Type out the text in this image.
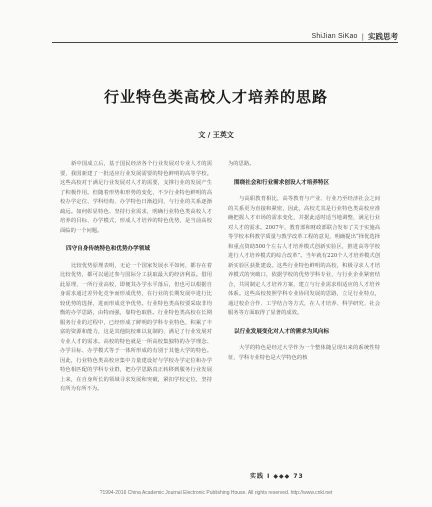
ShiJian SiKao | 实践思考
行业特色类高校人才培养的思路
文 / 王英文

新中国成立后，基于国民经济各个行业发展对专业人才的需要，我国新建了一批适应行业发展需要的特色鲜明的高等学校。这些高校对于满足行业发展对人才的需要，支撑行业的发展产生了积极作用。但随着形势和形势的变化，不少行业特色鲜明的高校办学定位、学科结构、办学特色日渐趋同，与行业的关系逐渐疏远。如何彰显特色、坚持行业需求，明确行业特色类高校人才培养的目标、办学模式，形成人才培养的特色优势，是当前高校面临的一个问题。

四守自身传统特色和优势办学领域

比较优势原理表明，无论一个国家发展水平如何，都存在着比较优势，都可以通过参与国际分工获取最大的经济利益。借用此原理，一所行业高校，即便其办学水平落后，但也可以根据自身需求通过差异化竞争而形成优势，在行业的长期发展中进行比较优势的选择，进而形成竞争优势。行业特色类高校要采取非均衡的办学思路，由特而强，靠特色取胜。行业特色类高校在长期服务行业的过程中，已经形成了鲜明的学科专业特色，积累了丰富的资源和能力，这是其他院校难以复制的，满足了行业发展对专业人才的需求。高校的特色就是一所高校集独特的办学理念、办学目标、办学模式等于一体所形成的有别于其他大学的特色。因此，行业特色类高校应集中力量建设好与学校办学定位和办学特色相匹配的学科专业群，把办学思路真正转移到服务行业发展上来，在自身所长的领域寻求发展和突破，紧扣学校定位，坚持有所为有所不为。

为的思路。

围绕社会和行业需求创设人才培养特区

与高职教育相比，高等教育与产业、行业乃至经济社会之间的关系更为直接和紧密，因此，高校尤其是行业特色类高校应准确把握人才市场的需求变化，并据此适时适当地调整，满足行业对人才的需求。2007年，教育部和财政部联合发布了关于实施高等学校本科教学质量与教学改革工程的意见，明确提出“择优选择和重点资助500个左右人才培养模式创新实验区，推进高等学校进行人才培养模式的综合改革”。当年就有220个人才培养模式创新实验区获批建设。这些行业特色鲜明的高校，积极寻求人才培养模式的突破口，依据学校的优势学科专业，与行业企业紧密结合，共同制定人才培养方案，建立与行业需求相适应的人才培养体系。这些高校按照学科专业协同发展的思路，立足行业特点，通过校企合作、工学结合等方式，在人才培养、科学研究、社会服务等方面取得了显著的成效。

以行业发展变化对人才的需求为风向标

大学的特色是经过大学作为一个整体随呈现出来的系统性特征，学科专业特色是大学特色的核

实践 I ◆◆◆ 73
?1994-2016 China Academic Journal Electronic Publishing House. All rights reserved. http://www.cnki.net
